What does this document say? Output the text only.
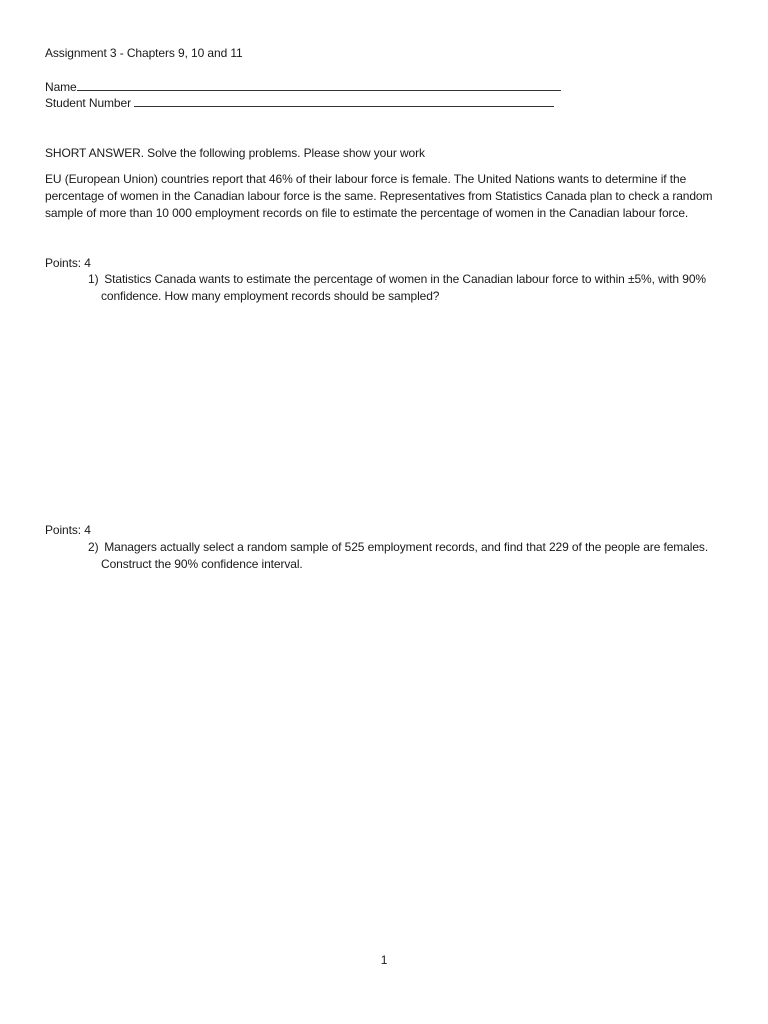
Assignment 3 - Chapters 9, 10 and 11
Name
Student Number
SHORT ANSWER. Solve the following problems. Please show your work
EU (European Union) countries report that 46% of their labour force is female. The United Nations wants to determine if the percentage of women in the Canadian labour force is the same. Representatives from Statistics Canada plan to check a random sample of more than 10 000 employment records on file to estimate the percentage of women in the Canadian labour force.
Points: 4
1) Statistics Canada wants to estimate the percentage of women in the Canadian labour force to within ±5%, with 90% confidence. How many employment records should be sampled?
Points: 4
2) Managers actually select a random sample of 525 employment records, and find that 229 of the people are females. Construct the 90% confidence interval.
1
